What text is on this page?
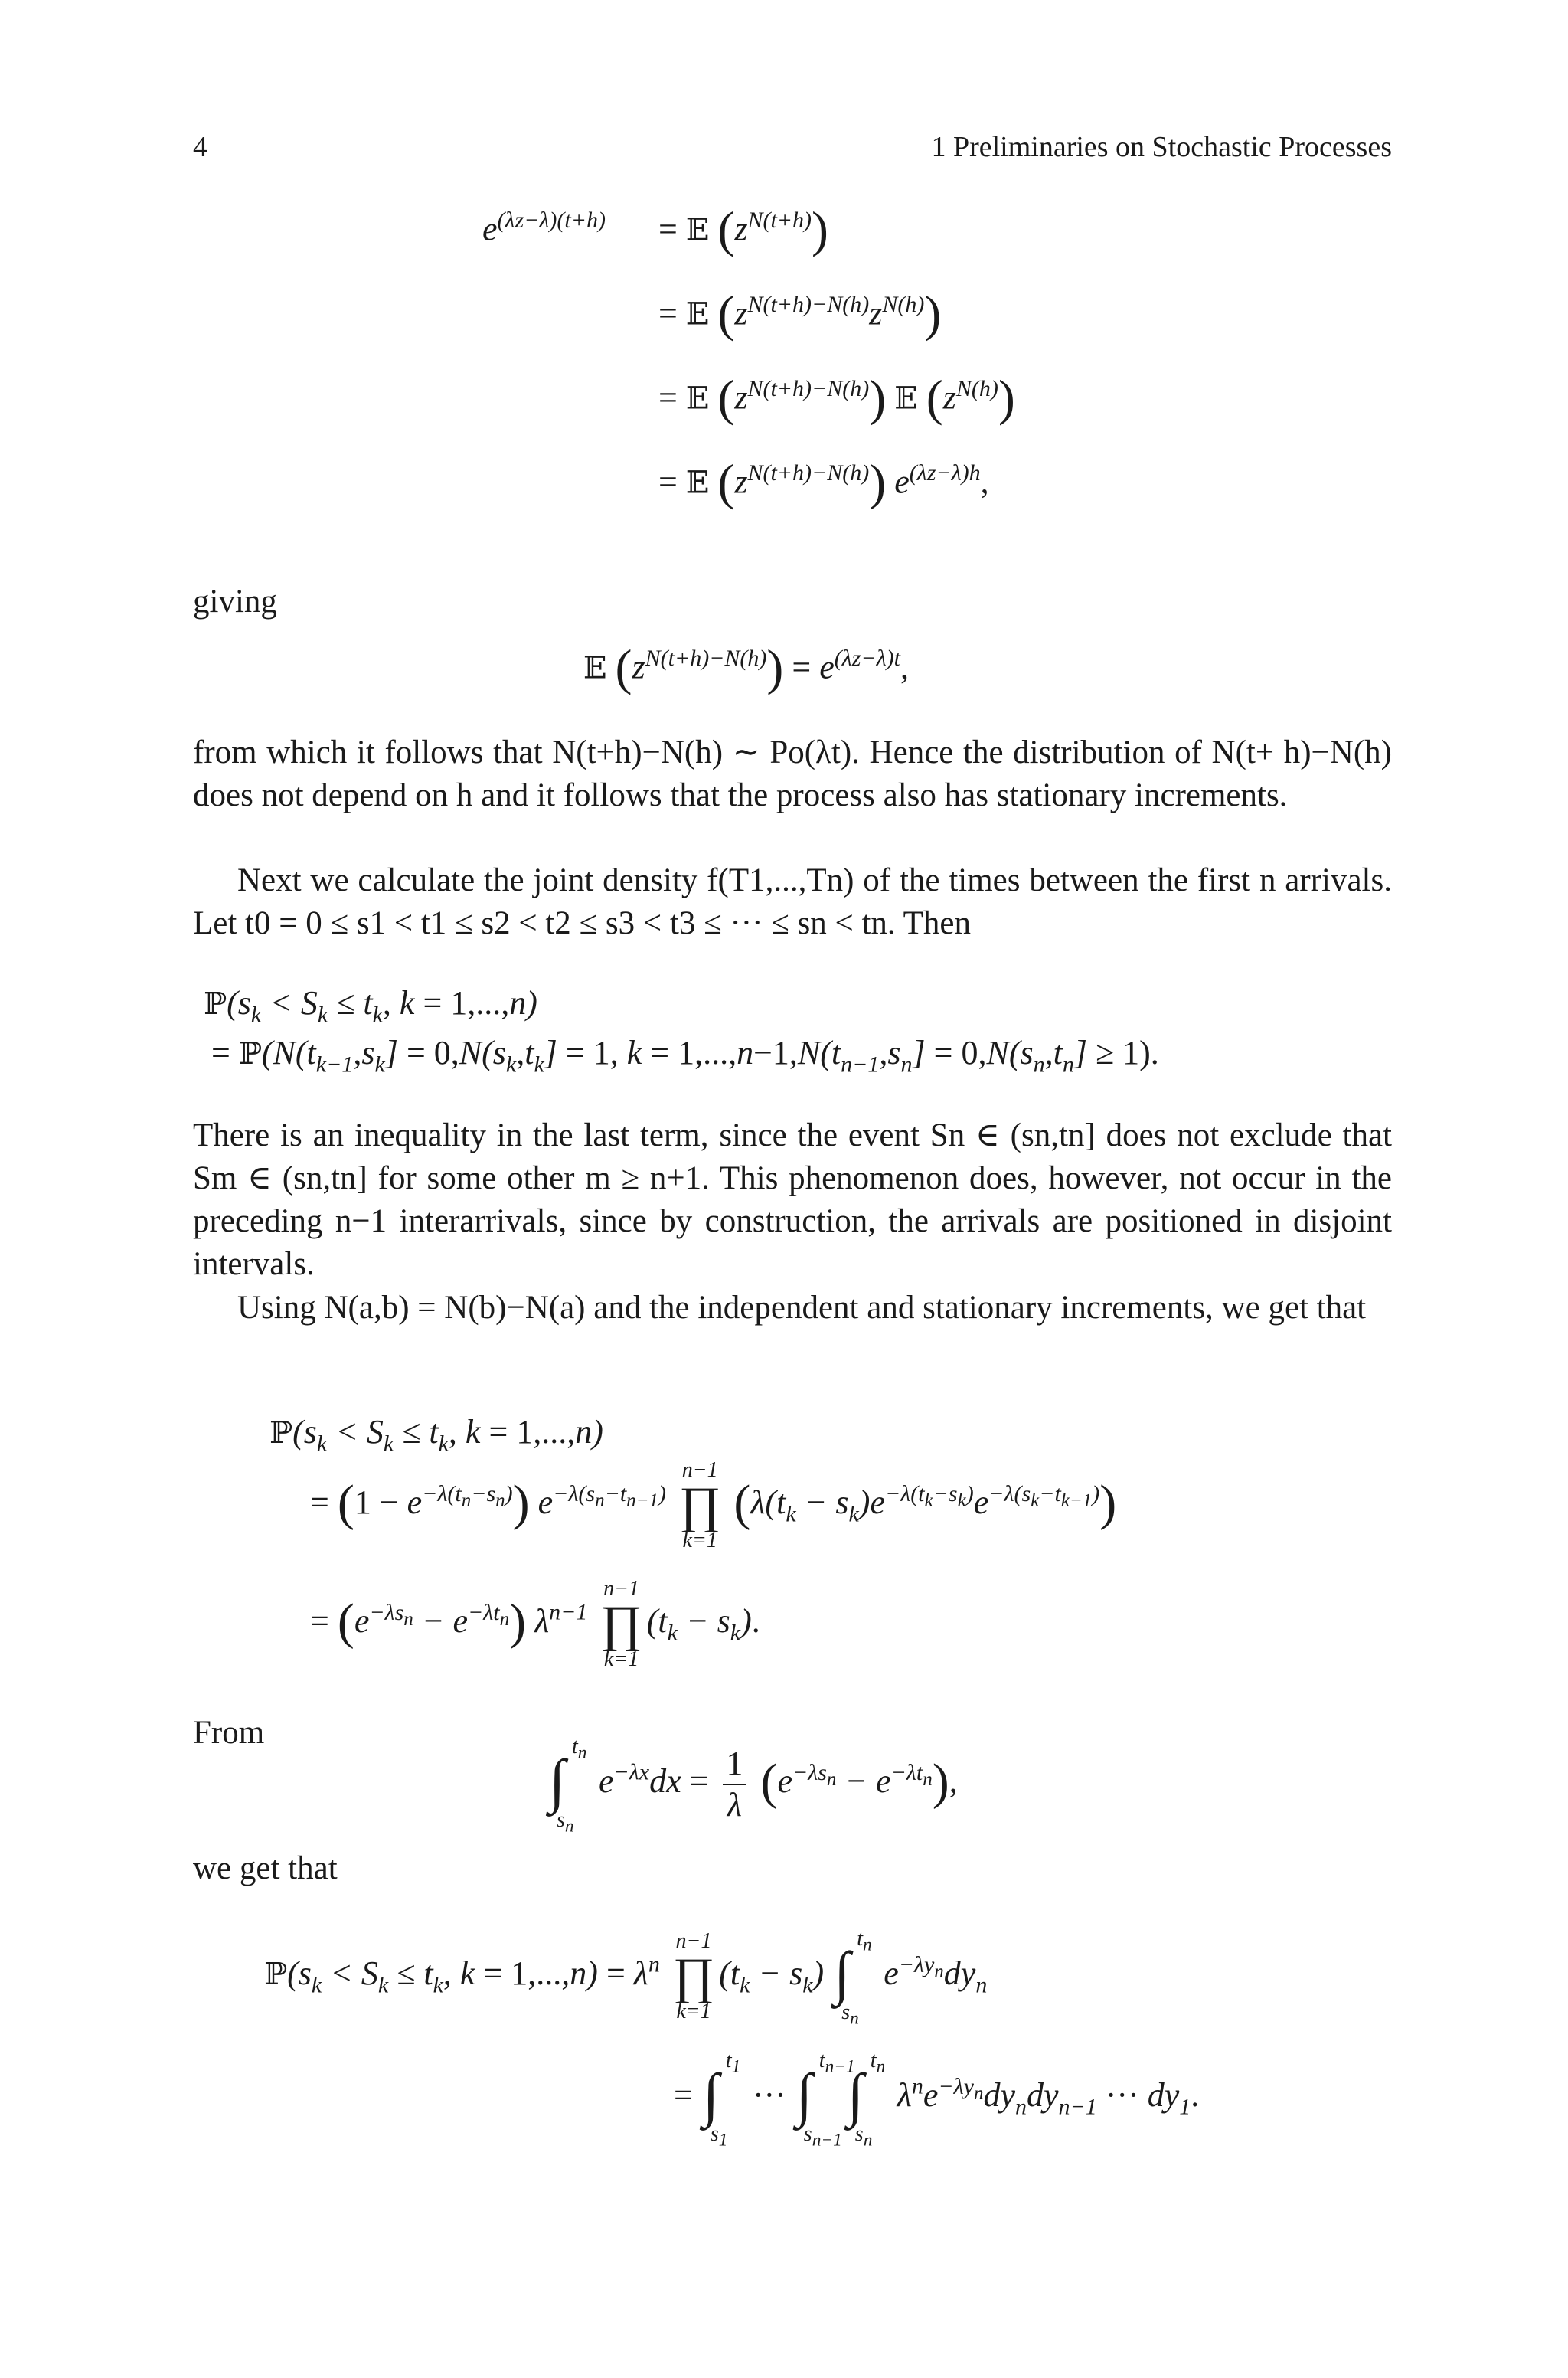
4	1 Preliminaries on Stochastic Processes
$e^{(\lambda z-\lambda)(t+h)}$ = 𝔼 $(z^{N(t+h)})$
= 𝔼 $(z^{N(t+h)-N(h)}z^{N(h)})$
= 𝔼 $(z^{N(t+h)-N(h)})$ 𝔼 $(z^{N(h)})$
= 𝔼 $(z^{N(t+h)-N(h)})$ $e^{(\lambda z-\lambda)h}$,

giving

𝔼 $(z^{N(t+h)-N(h)}) = e^{(\lambda z-\lambda)t}$,

from which it follows that N(t+h)−N(h) ∼ Po(λt). Hence the distribution of N(t+ h)−N(h) does not depend on h and it follows that the process also has stationary increments.

Next we calculate the joint density f(T1,...,Tn) of the times between the first n arrivals. Let t0 = 0 ≤ s1 < t1 ≤ s2 < t2 ≤ s3 < t3 ≤ ··· ≤ sn < tn. Then

$ℙ(s_k < S_k \le t_k$, k = 1,...,n)
= $ℙ(N(t_{k-1},s_k] = 0,N(s_k,t_k] = 1$, $k = 1,...,n-1,N(t_{n-1},s_n] = 0,N(s_n,t_n] \ge 1$).

There is an inequality in the last term, since the event Sn ∈ (sn,tn] does not exclude that Sm ∈ (sn,tn] for some other m ≥ n+1. This phenomenon does, however, not occur in the preceding n−1 interarrivals, since by construction, the arrivals are positioned in disjoint intervals.

Using N(a,b) = N(b)−N(a) and the independent and stationary increments, we get that

$ℙ(s_k < S_k \le t_k$, k = 1,...,n)
= $(1 - e^{-\lambda(t_n-s_n)})$ $e^{-\lambda(s_n-t_{n-1})}$
n−1
∏
k=1
$(\lambda(t_k - s_k)e^{-\lambda(t_k-s_k)}e^{-\lambda(s_k-t_{k-1})})$
= $(e^{-\lambda s_n} - e^{-\lambda t_n})$ $\lambda^{n-1}$
n−1
∏
k=1
$(t_k - s_k)$.

From

∫
$t_n$
$s_n$
$e^{-\lambda x}dx = \frac{1}{\lambda} (e^{-\lambda s_n} - e^{-\lambda t_n})$,

we get that

$ℙ(s_k < S_k \le t_k$, $k = 1,...,n) = \lambda^n$
n−1
∏
k=1
$(t_k - s_k)$ ∫
$t_n$
$s_n$
$e^{-\lambda y_n}dy_n$
= ∫
$t_1$
$s_1$
··· ∫
$t_{n-1}$
$s_{n-1}$

∫
$t_n$
$s_n$
$\lambda^ne^{-\lambda y_n}dy_ndy_{n-1}$ ··· $dy_1$.
